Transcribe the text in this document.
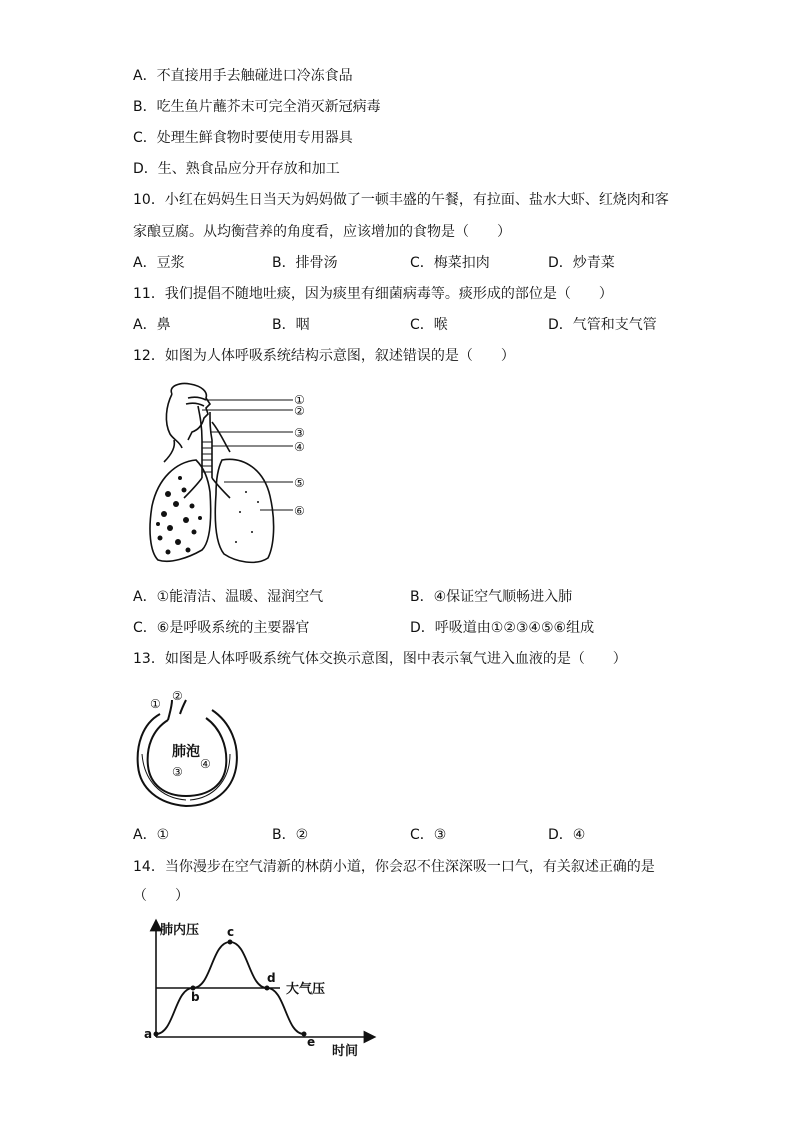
A．不直接用手去触碰进口冷冻食品
B．吃生鱼片蘸芥末可完全消灭新冠病毒
C．处理生鲜食物时要使用专用器具
D．生、熟食品应分开存放和加工
10．小红在妈妈生日当天为妈妈做了一顿丰盛的午餐，有拉面、盐水大虾、红烧肉和客
家酿豆腐。从均衡营养的角度看，应该增加的食物是（　　）
A．豆浆	B．排骨汤	C．梅菜扣肉	D．炒青菜
11．我们提倡不随地吐痰，因为痰里有细菌病毒等。痰形成的部位是（　　）
A．鼻	B．咽	C．喉	D．气管和支气管
12．如图为人体呼吸系统结构示意图，叙述错误的是（　　）
①
②
③
④
⑤
⑥
A．①能清洁、温暖、湿润空气	B．④保证空气顺畅进入肺
C．⑥是呼吸系统的主要器官	D．呼吸道由①②③④⑤⑥组成
13．如图是人体呼吸系统气体交换示意图，图中表示氧气进入血液的是（　　）
①
②
③
④
肺泡
A．①	B．②	C．③	D．④
14．当你漫步在空气清新的林荫小道，你会忍不住深深吸一口气，有关叙述正确的是
（　　）
肺内压
时间
大气压
a
b
c
d
e
